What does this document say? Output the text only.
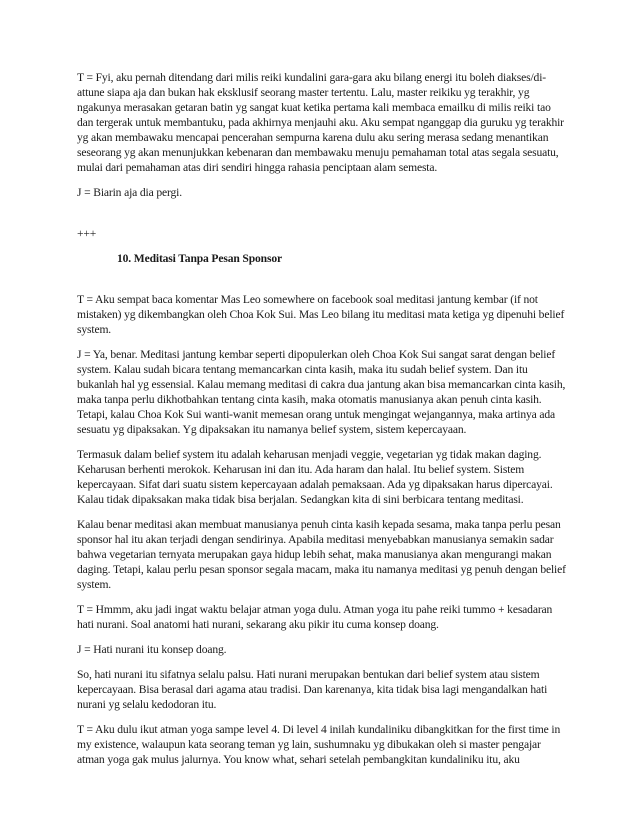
T = Fyi, aku pernah ditendang dari milis reiki kundalini gara-gara aku bilang energi itu boleh diakses/di-attune siapa aja dan bukan hak eksklusif seorang master tertentu. Lalu, master reikiku yg terakhir, yg ngakunya merasakan getaran batin yg sangat kuat ketika pertama kali membaca emailku di milis reiki tao dan tergerak untuk membantuku, pada akhirnya menjauhi aku. Aku sempat nganggap dia guruku yg terakhir yg akan membawaku mencapai pencerahan sempurna karena dulu aku sering merasa sedang menantikan seseorang yg akan menunjukkan kebenaran dan membawaku menuju pemahaman total atas segala sesuatu, mulai dari pemahaman atas diri sendiri hingga rahasia penciptaan alam semesta.

J = Biarin aja dia pergi.

+++

10. Meditasi Tanpa Pesan Sponsor

T = Aku sempat baca komentar Mas Leo somewhere on facebook soal meditasi jantung kembar (if not mistaken) yg dikembangkan oleh Choa Kok Sui. Mas Leo bilang itu meditasi mata ketiga yg dipenuhi belief system.

J = Ya, benar. Meditasi jantung kembar seperti dipopulerkan oleh Choa Kok Sui sangat sarat dengan belief system. Kalau sudah bicara tentang memancarkan cinta kasih, maka itu sudah belief system. Dan itu bukanlah hal yg essensial. Kalau memang meditasi di cakra dua jantung akan bisa memancarkan cinta kasih, maka tanpa perlu dikhotbahkan tentang cinta kasih, maka otomatis manusianya akan penuh cinta kasih. Tetapi, kalau Choa Kok Sui wanti-wanit memesan orang untuk mengingat wejangannya, maka artinya ada sesuatu yg dipaksakan. Yg dipaksakan itu namanya belief system, sistem kepercayaan.

Termasuk dalam belief system itu adalah keharusan menjadi veggie, vegetarian yg tidak makan daging. Keharusan berhenti merokok. Keharusan ini dan itu. Ada haram dan halal. Itu belief system. Sistem kepercayaan. Sifat dari suatu sistem kepercayaan adalah pemaksaan. Ada yg dipaksakan harus dipercayai. Kalau tidak dipaksakan maka tidak bisa berjalan. Sedangkan kita di sini berbicara tentang meditasi.

Kalau benar meditasi akan membuat manusianya penuh cinta kasih kepada sesama, maka tanpa perlu pesan sponsor hal itu akan terjadi dengan sendirinya. Apabila meditasi menyebabkan manusianya semakin sadar bahwa vegetarian ternyata merupakan gaya hidup lebih sehat, maka manusianya akan mengurangi makan daging. Tetapi, kalau perlu pesan sponsor segala macam, maka itu namanya meditasi yg penuh dengan belief system.

T = Hmmm, aku jadi ingat waktu belajar atman yoga dulu. Atman yoga itu pahe reiki tummo + kesadaran hati nurani. Soal anatomi hati nurani, sekarang aku pikir itu cuma konsep doang.

J = Hati nurani itu konsep doang.

So, hati nurani itu sifatnya selalu palsu. Hati nurani merupakan bentukan dari belief system atau sistem kepercayaan. Bisa berasal dari agama atau tradisi. Dan karenanya, kita tidak bisa lagi mengandalkan hati nurani yg selalu kedodoran itu.

T = Aku dulu ikut atman yoga sampe level 4. Di level 4 inilah kundaliniku dibangkitkan for the first time in my existence, walaupun kata seorang teman yg lain, sushumnaku yg dibukakan oleh si master pengajar atman yoga gak mulus jalurnya. You know what, sehari setelah pembangkitan kundaliniku itu, aku
